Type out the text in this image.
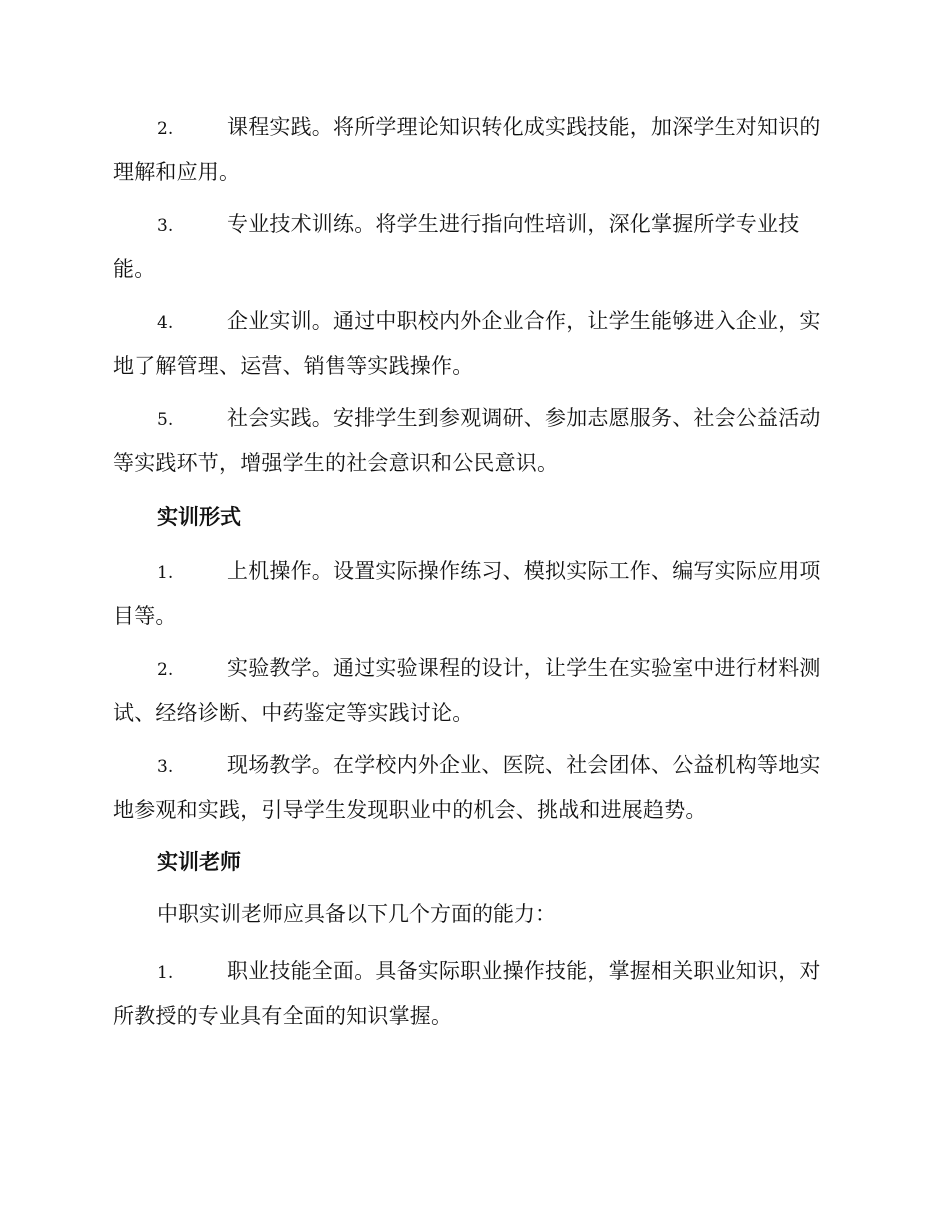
2.	课程实践。将所学理论知识转化成实践技能，加深学生对知识的
理解和应用。
3.	专业技术训练。将学生进行指向性培训，深化掌握所学专业技
能。
4.	企业实训。通过中职校内外企业合作，让学生能够进入企业，实
地了解管理、运营、销售等实践操作。
5.	社会实践。安排学生到参观调研、参加志愿服务、社会公益活动
等实践环节，增强学生的社会意识和公民意识。
实训形式
1.	上机操作。设置实际操作练习、模拟实际工作、编写实际应用项
目等。
2.	实验教学。通过实验课程的设计，让学生在实验室中进行材料测
试、经络诊断、中药鉴定等实践讨论。
3.	现场教学。在学校内外企业、医院、社会团体、公益机构等地实
地参观和实践，引导学生发现职业中的机会、挑战和进展趋势。
实训老师
中职实训老师应具备以下几个方面的能力：
1.	职业技能全面。具备实际职业操作技能，掌握相关职业知识，对
所教授的专业具有全面的知识掌握。
